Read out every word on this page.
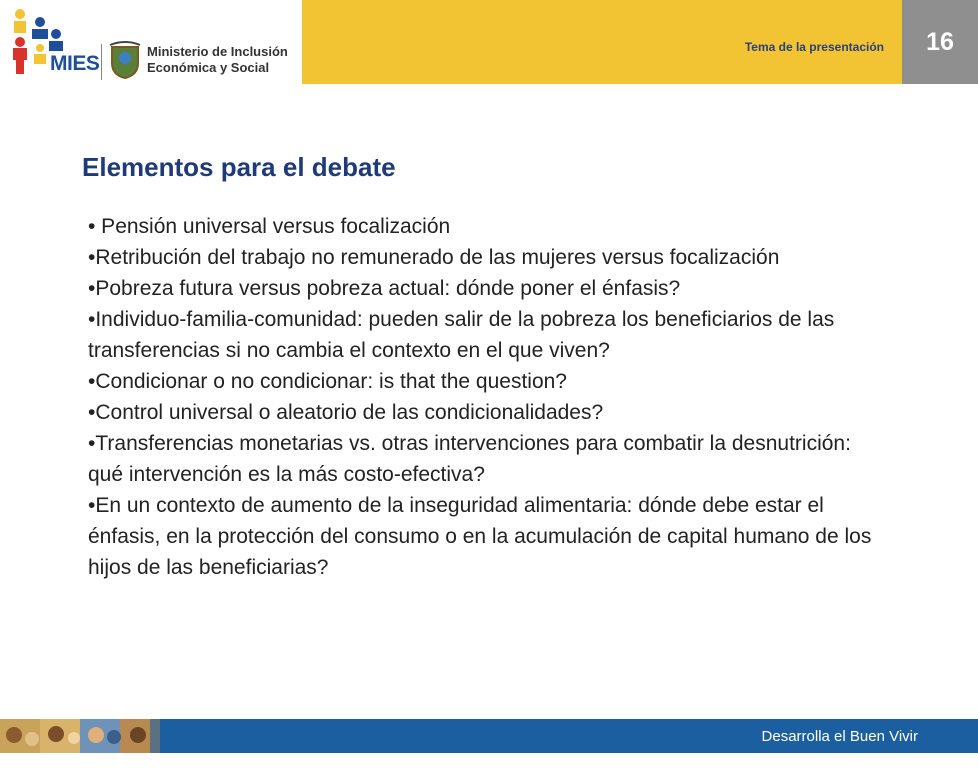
MIES
Ministerio de Inclusión
Económica y Social
Tema de la presentación	16
Elementos para el debate
• Pensión universal versus focalización
•Retribución del trabajo no remunerado de las mujeres versus focalización
•Pobreza futura versus pobreza actual: dónde poner el énfasis?
•Individuo-familia-comunidad: pueden salir de la pobreza los beneficiarios de las transferencias si no cambia el contexto en el que viven?
•Condicionar o no condicionar: is that the question?
•Control universal o aleatorio de las condicionalidades?
•Transferencias monetarias vs. otras intervenciones para combatir la desnutrición: qué intervención es la más costo-efectiva?
•En un contexto de aumento de la inseguridad alimentaria: dónde debe estar el énfasis, en la protección del consumo o en la acumulación de capital humano de los hijos de las beneficiarias?
Desarrolla el Buen Vivir
